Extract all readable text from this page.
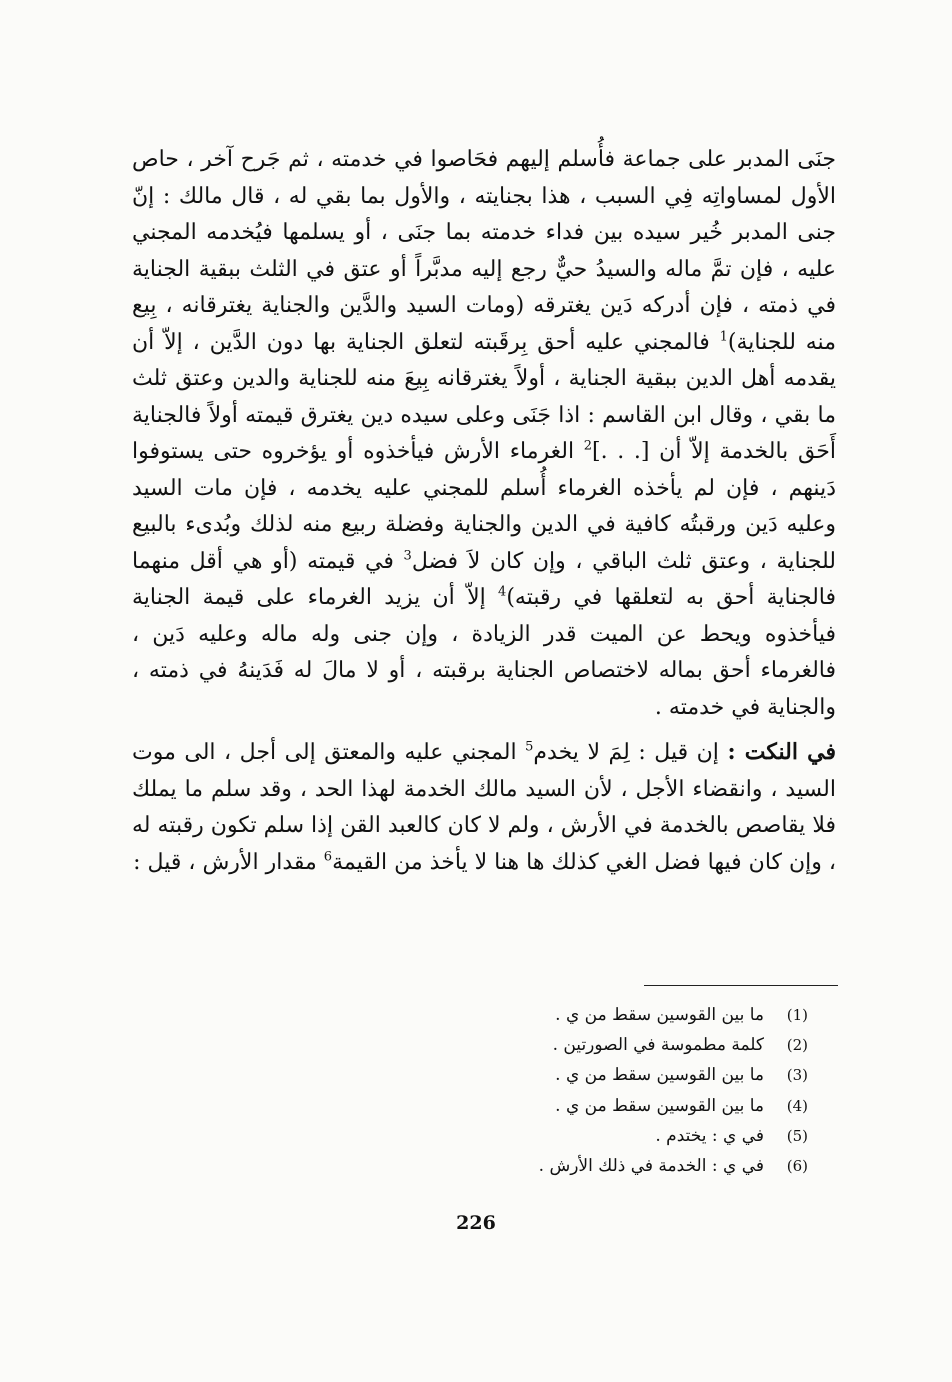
جنَى المدبر على جماعة فأُسلم إليهم فحَاصوا في خدمته ، ثم جَرح آخر ، حاص الأول لمساواتِه فِي السبب ، هذا بجنايته ، والأول بما بقي له ، قال مالك : إنّ جنى المدبر خُير سيده بين فداء خدمته بما جنَى ، أو يسلمها فيُخدمه المجني عليه ، فإن تمَّ ماله والسيدُ حيٌّ رجع إليه مدبَّراً أو عتق في الثلث ببقية الجناية في ذمته ، فإن أدركه دَين يغترقه (ومات السيد والدَّين والجناية يغترقانه ، بِيع منه للجناية)$^1$ فالمجني عليه أحق بِرقَبته لتعلق الجناية بها دون الدَّين ، إلاّ أن يقدمه أهل الدين ببقية الجناية ، أولاً يغترقانه بِيعَ منه للجناية والدين وعتق ثلث ما بقي ، وقال ابن القاسم : اذا جَنَى وعلى سيده دين يغترق قيمته أولاً فالجناية أَحَق بالخدمة إلاّ أن [. . .]$^2$ الغرماء الأرش فيأخذوه أو يؤخروه حتى يستوفوا دَينهم ، فإن لم يأخذه الغرماء أُسلم للمجني عليه يخدمه ، فإن مات السيد وعليه دَين ورقبتُه كافية في الدين والجناية وفضلة ربيع منه لذلك وبُدىء بالبيع للجناية ، وعتق ثلث الباقي ، وإن كان لاَ فضل$^3$ في قيمته (أو هي أقل منهما فالجناية أحق به لتعلقها في رقبته)$^4$ إلاّ أن يزيد الغرماء على قيمة الجناية فيأخذوه ويحط عن الميت قدر الزيادة ، وإن جنى وله ماله وعليه دَين ، فالغرماء أحق بماله لاختصاص الجناية برقبته ، أو لا مالَ له فَدَينهُ في ذمته ، والجناية في خدمته .

في النكت : إن قيل : لِمَ لا يخدم$^5$ المجني عليه والمعتق إلى أجل ، الى موت السيد ، وانقضاء الأجل ، لأن السيد مالك الخدمة لهذا الحد ، وقد سلم ما يملك فلا يقاصص بالخدمة في الأرش ، ولم لا كان كالعبد القن إذا سلم تكون رقبته له ، وإن كان فيها فضل الغي كذلك ها هنا لا يأخذ من القيمة$^6$ مقدار الأرش ، قيل :

(1)
ما بين القوسين سقط من ي .
(2)
كلمة مطموسة في الصورتين .
(3)
ما بين القوسين سقط من ي .
(4)
ما بين القوسين سقط من ي .
(5)
في ي : يختدم .
(6)
في ي : الخدمة في ذلك الأرش .
226
